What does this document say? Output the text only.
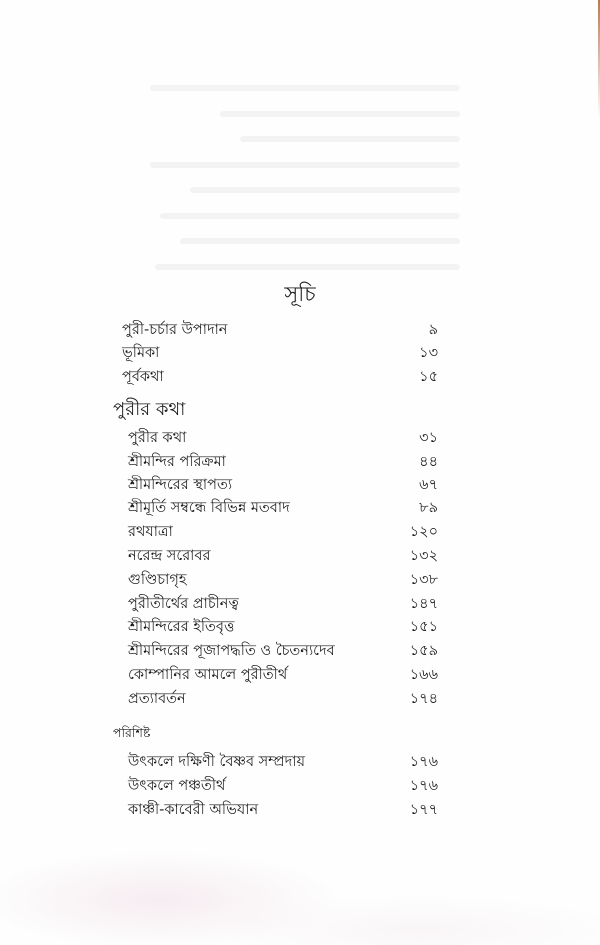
সূচি
পুরী-চর্চার উপাদান	৯
ভূমিকা	১৩
পূর্বকথা	১৫
পুরীর কথা
পুরীর কথা	৩১
শ্রীমন্দির পরিক্রমা	৪৪
শ্রীমন্দিরের স্থাপত্য	৬৭
শ্রীমূর্তি সম্বন্ধে বিভিন্ন মতবাদ	৮৯
রথযাত্রা	১২০
নরেন্দ্র সরোবর	১৩২
গুণ্ডিচাগৃহ	১৩৮
পুরীতীর্থের প্রাচীনত্ব	১৪৭
শ্রীমন্দিরের ইতিবৃত্ত	১৫১
শ্রীমন্দিরের পূজাপদ্ধতি ও চৈতন্যদেব	১৫৯
কোম্পানির আমলে পুরীতীর্থ	১৬৬
প্রত্যাবর্তন	১৭৪
পরিশিষ্ট
উৎকলে দক্ষিণী বৈষ্ণব সম্প্রদায়	১৭৬
উৎকলে পঞ্চতীর্থ	১৭৬
কাঞ্চী-কাবেরী অভিযান	১৭৭
